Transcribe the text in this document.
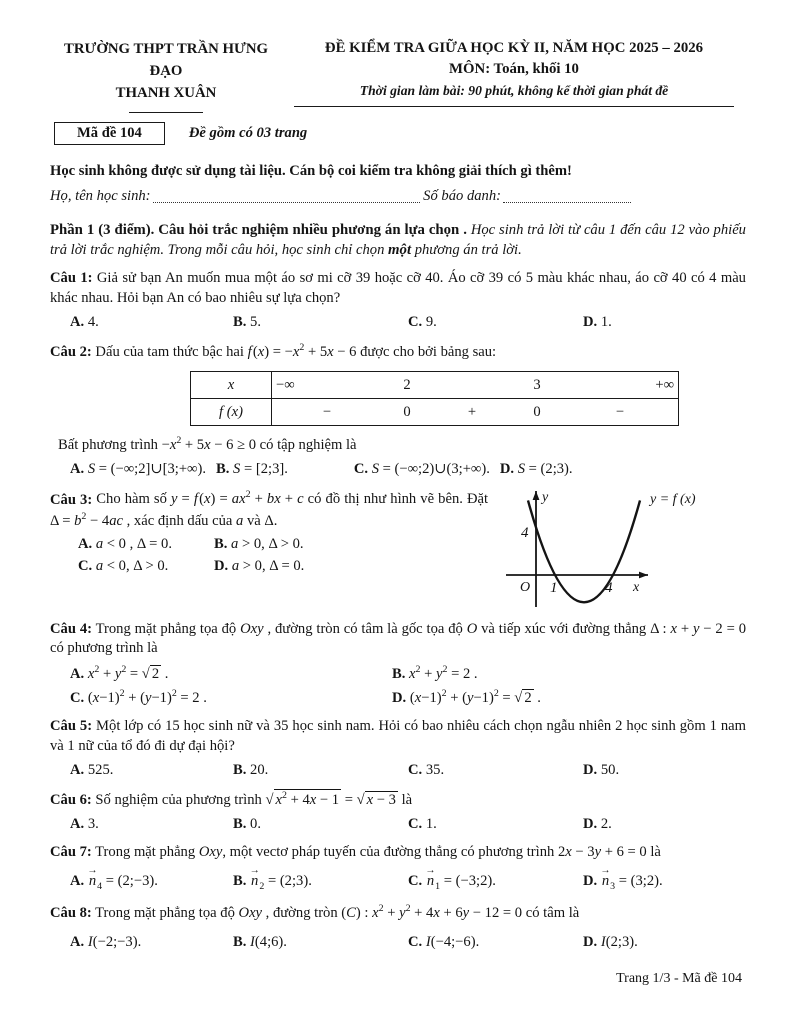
TRƯỜNG THPT TRẦN HƯNG ĐẠO
THANH XUÂN
ĐỀ KIỂM TRA GIỮA HỌC KỲ II, NĂM HỌC 2025 – 2026
MÔN: Toán, khối 10
Thời gian làm bài: 90 phút, không kể thời gian phát đề
Mã đề 104	Đề gồm có 03 trang
Học sinh không được sử dụng tài liệu. Cán bộ coi kiểm tra không giải thích gì thêm!
Họ, tên học sinh:	Số báo danh:
Phần 1 (3 điểm). Câu hỏi trắc nghiệm nhiều phương án lựa chọn . Học sinh trả lời từ câu 1 đến câu 12 vào phiếu trả lời trắc nghiệm. Trong mỗi câu hỏi, học sinh chỉ chọn một phương án trả lời.
Câu 1: Giả sử bạn An muốn mua một áo sơ mi cỡ 39 hoặc cỡ 40. Áo cỡ 39 có 5 màu khác nhau, áo cỡ 40 có 4 màu khác nhau. Hỏi bạn An có bao nhiêu sự lựa chọn?
A. 4.	B. 5.	C. 9.	D. 1.
Câu 2: Dấu của tam thức bậc hai f $(x) = -x^2 + 5x - 6$ được cho bởi bảng sau:
x	−∞	2		3	+∞
f (x)	−	0	+	0	−
Bất phương trình $-x^2 + 5x - 6 \ge 0$ có tập nghiệm là
A. S = (−∞;2]∪[3;+∞). B. S = [2;3].	C. S = (−∞;2)∪(3;+∞). D. S = (2;3).
Câu 3: Cho hàm số y = f $(x) = ax^2$ + bx + c có đồ thị như hình vẽ bên. Đặt $\Delta = b^2 - 4ac$ , xác định dấu của a và Δ.
A. a < 0 , Δ = 0.	B. a > 0, Δ > 0.
C. a < 0, Δ > 0.	D. a > 0, Δ = 0.
y
x
O 1	4
4
y = f (x)
Câu 4: Trong mặt phẳng tọa độ Oxy , đường tròn có tâm là gốc tọa độ O và tiếp xúc với đường thẳng Δ : x + y − 2 = 0 có phương trình là
A. $x^2 + y^2$ = √ 2 .	B. $x^2 + y^2 = 2$ .
C. $(x-1)^2 + (y-1)^2 = 2$ .	D. $(x-1)^2 + (y-1)^2$ = √ 2 .
Câu 5: Một lớp có 15 học sinh nữ và 35 học sinh nam. Hỏi có bao nhiêu cách chọn ngẫu nhiên 2 học sinh gồm 1 nam và 1 nữ của tổ đó đi dự đại hội?
A. 525.	B. 20.	C. 35.	D. 50.
Câu 6: Số nghiệm của phương trình √ $x^2 + 4x - 1$ = √ x − 3 là
A. 3.	B. 0.	C. 1.	D. 2.
Câu 7: Trong mặt phẳng Oxy, một vectơ pháp tuyến của đường thẳng có phương trình 2x − 3y + 6 = 0 là
A. $n \to_4$ = (2;−3).	B. $n \to_2$ = (2;3).	C. $n \to_1$ = (−3;2).	D. $n \to_3$ = (3;2).
Câu 8: Trong mặt phẳng tọa độ Oxy , đường tròn (C) : $x^2 + y^2 + 4x + 6y - 12 = 0$ có tâm là
A. I(−2;−3).	B. I(4;6).	C. I(−4;−6).	D. I(2;3).
Trang 1/3 - Mã đề 104
